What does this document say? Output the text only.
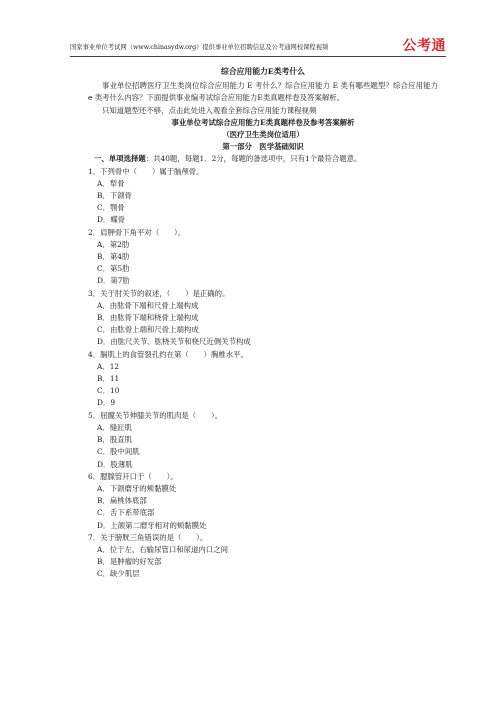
国家事业单位考试网（www.chinasydw.org）提供事业单位招聘信息及公考通网校课程视频	公考通

综合应用能力E类考什么

事业单位招聘医疗卫生类岗位综合应用能力 E 考什么？综合应用能力 E 类有哪些题型？综合应用能力 e 类考什么内容？下面提供事业编考试综合应用能力E类真题样卷及答案解析。

只知道题型还不够，点击此处进入观看全套综合应用能力课程视频

事业单位考试综合应用能力E类真题样卷及参考答案解析

（医疗卫生类岗位适用）

第一部分　医学基础知识

一、单项选择题：共40题，每题1．2分，每题的备选项中，只有1个最符合题意。

1．下列骨中（　　）属于脑颅骨。

A．犁骨

B．下颌骨

C．颚骨

D．蝶骨

2．肩胛骨下角平对（　　）。

A．第2肋

B．第4肋

C．第5肋

D．第7肋

3．关于肘关节的叙述，（　　）是正确的。

A．由肱骨下端和尺骨上端构成

B．由肱骨下端和桡骨上端构成

C．由肱骨上端和尺骨上端构成

D．由肱尺关节、肱桡关节和桡尺近侧关节构成

4．膈肌上的食管裂孔约在第（　　）胸椎水平。

A．12

B．11

C．10

D．9

5．屈髋关节伸膝关节的肌肉是（　　）。

A．缝匠肌

B．股直肌

C．股中间肌

D．股薄肌

6．腮腺管开口于（　　）。

A．下颌磨牙的颊黏膜处

B．扁桃体底部

C．舌下系带底部

D．上颌第二磨牙相对的颊黏膜处

7．关于膀胱三角错误的是（　　）。

A．位于左、右输尿管口和尿道内口之间

B．是肿瘤的好发部

C．缺少肌层
